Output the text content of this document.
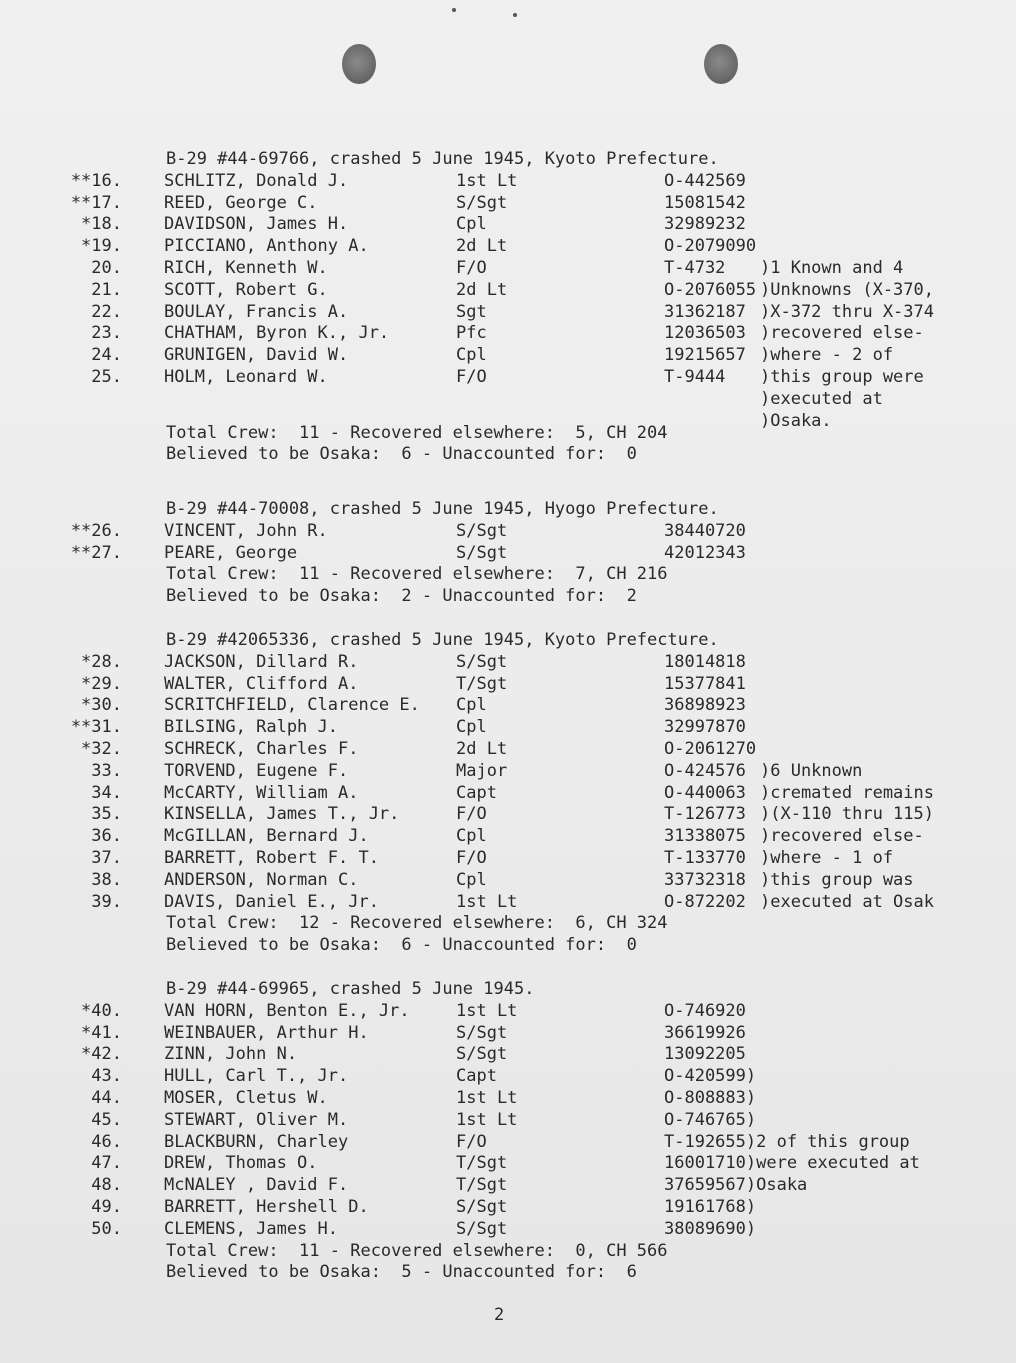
B-29 #44-69766, crashed 5 June 1945, Kyoto Prefecture.
**16. SCHLITZ, Donald J.	1st Lt	O-442569
**17. REED, George C.	S/Sgt	15081542
*18. DAVIDSON, James H.	Cpl	32989232
*19. PICCIANO, Anthony A.	2d Lt	O-2079090
20. RICH, Kenneth W.	F/O	T-4732 )1 Known and 4
21. SCOTT, Robert G.	2d Lt	O-2076055 )Unknowns (X-370,
22. BOULAY, Francis A.	Sgt	31362187 )X-372 thru X-374
23. CHATHAM, Byron K., Jr.	Pfc	12036503 )recovered else-
24. GRUNIGEN, David W.	Cpl	19215657 )where - 2 of
25. HOLM, Leonard W.	F/O	T-9444 )this group were
)executed at
)Osaka.
Total Crew:  11 - Recovered elsewhere:  5, CH 204
Believed to be Osaka:  6 - Unaccounted for:  0
B-29 #44-70008, crashed 5 June 1945, Hyogo Prefecture.
**26. VINCENT, John R.	S/Sgt	38440720
**27. PEARE, George	S/Sgt	42012343
Total Crew:  11 - Recovered elsewhere:  7, CH 216
Believed to be Osaka:  2 - Unaccounted for:  2
B-29 #42065336, crashed 5 June 1945, Kyoto Prefecture.
*28. JACKSON, Dillard R.	S/Sgt	18014818
*29. WALTER, Clifford A.	T/Sgt	15377841
*30. SCRITCHFIELD, Clarence E. Cpl	36898923
**31. BILSING, Ralph J.	Cpl	32997870
*32. SCHRECK, Charles F.	2d Lt	O-2061270
33. TORVEND, Eugene F.	Major	O-424576 )6 Unknown
34. McCARTY, William A.	Capt	O-440063 )cremated remains
35. KINSELLA, James T., Jr.	F/O	T-126773 )(X-110 thru 115)
36. McGILLAN, Bernard J.	Cpl	31338075 )recovered else-
37. BARRETT, Robert F. T.	F/O	T-133770 )where - 1 of
38. ANDERSON, Norman C.	Cpl	33732318 )this group was
39. DAVIS, Daniel E., Jr.	1st Lt	O-872202 )executed at Osak
Total Crew:  12 - Recovered elsewhere:  6, CH 324
Believed to be Osaka:  6 - Unaccounted for:  0
B-29 #44-69965, crashed 5 June 1945.
*40. VAN HORN, Benton E., Jr.	1st Lt	O-746920
*41. WEINBAUER, Arthur H.	S/Sgt	36619926
*42. ZINN, John N.	S/Sgt	13092205
43. HULL, Carl T., Jr.	Capt	O-420599)
44. MOSER, Cletus W.	1st Lt	O-808883)
45. STEWART, Oliver M.	1st Lt	O-746765)
46. BLACKBURN, Charley	F/O	T-192655)2 of this group
47. DREW, Thomas O.	T/Sgt	16001710)were executed at
48. McNALEY , David F.	T/Sgt	37659567)Osaka
49. BARRETT, Hershell D.	S/Sgt	19161768)
50. CLEMENS, James H.	S/Sgt	38089690)
Total Crew:  11 - Recovered elsewhere:  0, CH 566
Believed to be Osaka:  5 - Unaccounted for:  6
2
